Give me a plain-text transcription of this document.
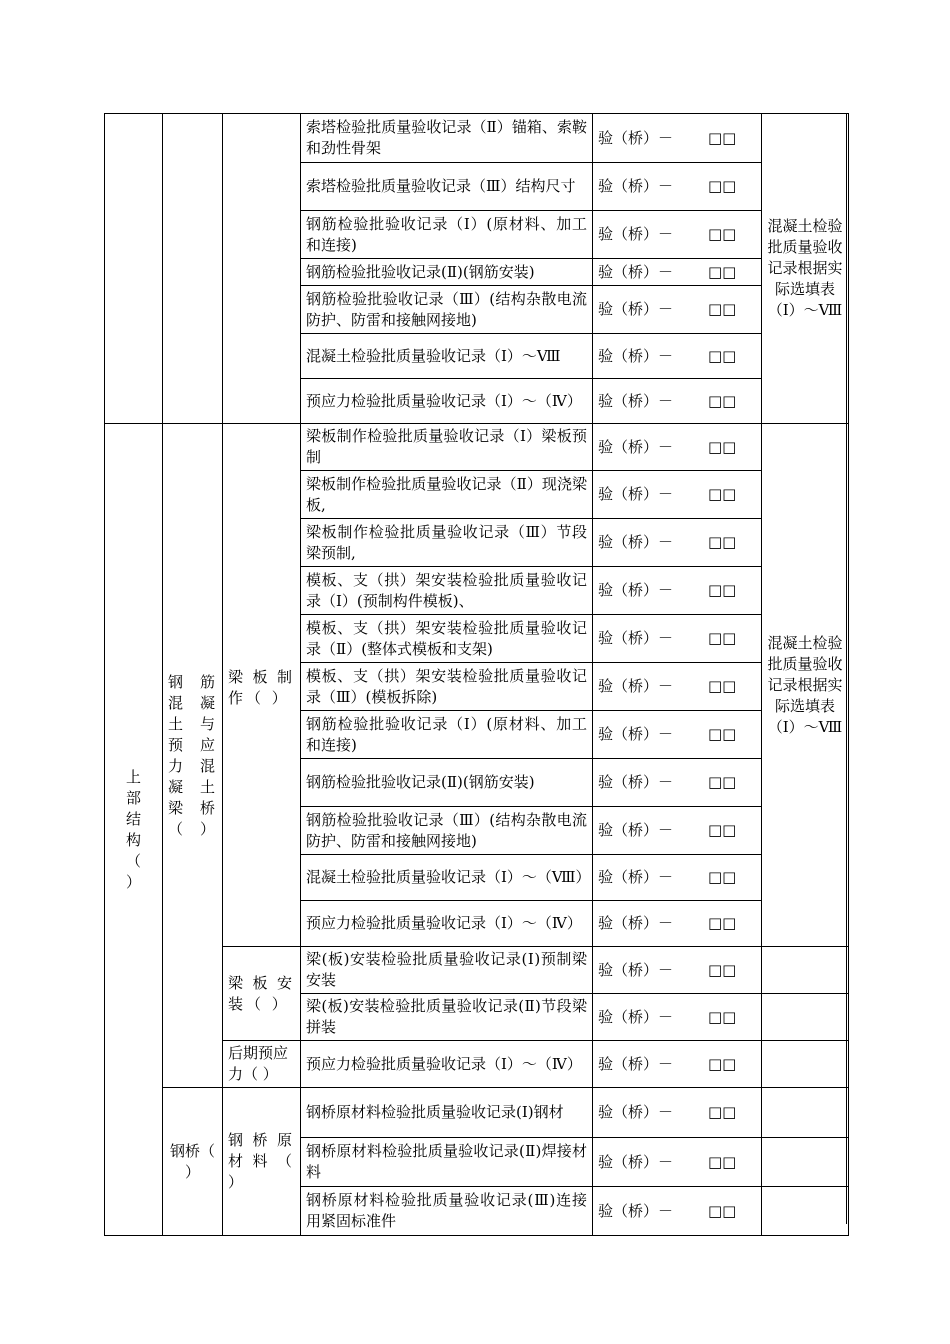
			索塔检验批质量验收记录（Ⅱ）锚箱、索鞍和劲性骨架	验（桥）－ □□	混凝土检验批质量验收记录根据实际选填表（Ⅰ）～Ⅷ

			索塔检验批质量验收记录（Ⅲ）结构尺寸	验（桥）－ □□	

			钢筋检验批验收记录（Ⅰ）(原材料、加工和连接)	验（桥）－ □□	

			钢筋检验批验收记录(Ⅱ)(钢筋安装)	验（桥）－ □□	

			钢筋检验批验收记录（Ⅲ）(结构杂散电流防护、防雷和接触网接地)	验（桥）－ □□	

			混凝土检验批质量验收记录（Ⅰ）～Ⅷ	验（桥）－ □□	

			预应力检验批质量验收记录（Ⅰ）～（Ⅳ）	验（桥）－ □□	
上部结构（ ）	钢筋混凝土与预应力混凝土梁桥（ ）	梁板制作（ ）	梁板制作检验批质量验收记录（Ⅰ）梁板预制	验（桥）－ □□	混凝土检验批质量验收记录根据实际选填表（Ⅰ）～Ⅷ

			梁板制作检验批质量验收记录（Ⅱ）现浇梁板,	验（桥）－ □□	

			梁板制作检验批质量验收记录（Ⅲ）节段梁预制,	验（桥）－ □□	

			模板、支（拱）架安装检验批质量验收记录（Ⅰ）(预制构件模板)、	验（桥）－ □□	

			模板、支（拱）架安装检验批质量验收记录（Ⅱ）(整体式模板和支架)	验（桥）－ □□	

			模板、支（拱）架安装检验批质量验收记录（Ⅲ）(模板拆除)	验（桥）－ □□	

			钢筋检验批验收记录（Ⅰ）(原材料、加工和连接)	验（桥）－ □□	

			钢筋检验批验收记录(Ⅱ)(钢筋安装)	验（桥）－ □□	

			钢筋检验批验收记录（Ⅲ）(结构杂散电流防护、防雷和接触网接地)	验（桥）－ □□	

			混凝土检验批质量验收记录（Ⅰ）～（Ⅷ）	验（桥）－ □□	

			预应力检验批质量验收记录（Ⅰ）～（Ⅳ）	验（桥）－ □□	

		梁板安装（ ）	梁(板)安装检验批质量验收记录(Ⅰ)预制梁安装	验（桥）－ □□	

			梁(板)安装检验批质量验收记录(Ⅱ)节段梁拼装	验（桥）－ □□	
		后期预应力（ ）	预应力检验批质量验收记录（Ⅰ）～（Ⅳ）	验（桥）－ □□	
	钢桥（ ）	钢桥原材料（ ）	钢桥原材料检验批质量验收记录(Ⅰ)钢材	验（桥）－ □□	

			钢桥原材料检验批质量验收记录(Ⅱ)焊接材料	验（桥）－ □□	

			钢桥原材料检验批质量验收记录(Ⅲ)连接用紧固标准件	验（桥）－ □□	
